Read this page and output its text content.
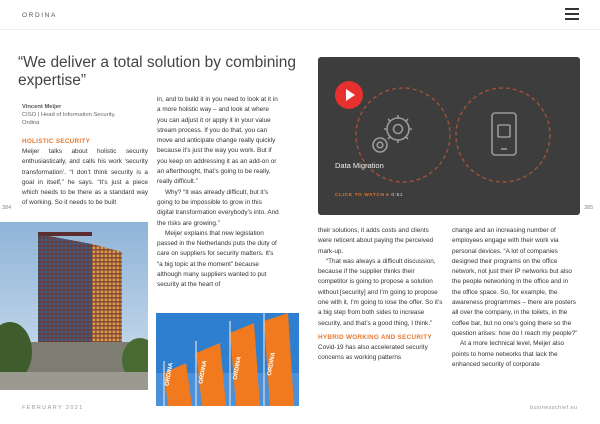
ORDINA
“We deliver a total solution by combining expertise”
Vincent Meijer
CISO | Head of Information Security,
Ordina
HOLISTIC SECURITY

Meijer talks about holistic security enthusiastically, and calls his work ‘security transformation’. “I don’t think security is a goal in itself,” he says. “It’s just a piece which needs to be there as a standard way of working. So it needs to be built

in, and to build it in you need to look at it in a more holistic way – and look at where you can adjust it or apply it in your value stream process. If you do that, you can move and anticipate change really quickly because it’s just the way you work. But if you keep on addressing it as an add-on or an afterthought, that’s going to be really, really difficult.”

Why? “It was already difficult, but it’s going to be impossible to grow in this digital transformation everybody’s into. And the risks are growing.”

Meijer explains that new legislation passed in the Netherlands puts the duty of care on suppliers for security matters. It’s “a big topic at the moment” because although many suppliers wanted to put security at the heart of

their solutions, it adds costs and clients were reticent about paying the perceived mark-up.

“That was always a difficult discussion, because if the supplier thinks their competitor is going to propose a solution without [security] and I’m going to propose one with it, I’m going to lose the offer. So it’s a big step from both sides to increase security, and that’s a good thing, I think.”

HYBRID WORKING AND SECURITY

Covid-19 has also accelerated security concerns as working patterns

change and an increasing number of employees engage with their work via personal devices. “A lot of companies designed their programs on the office network, not just their IP networks but also the people networking in the office and in the office space. So, for example, the awareness programmes – there are posters all over the company, in the toilets, in the coffee bar, but no one’s going there so the question arises: how do I reach my people?”

At a more technical level, Meijer also points to home networks that lack the enhanced security of corporate

384	385
Data Migration
CLICK TO WATCH ▸ 0:51
ORDINA	ORDINA	ORDINA	ORDINA
FEBRUARY 2021	businesschief.eu
